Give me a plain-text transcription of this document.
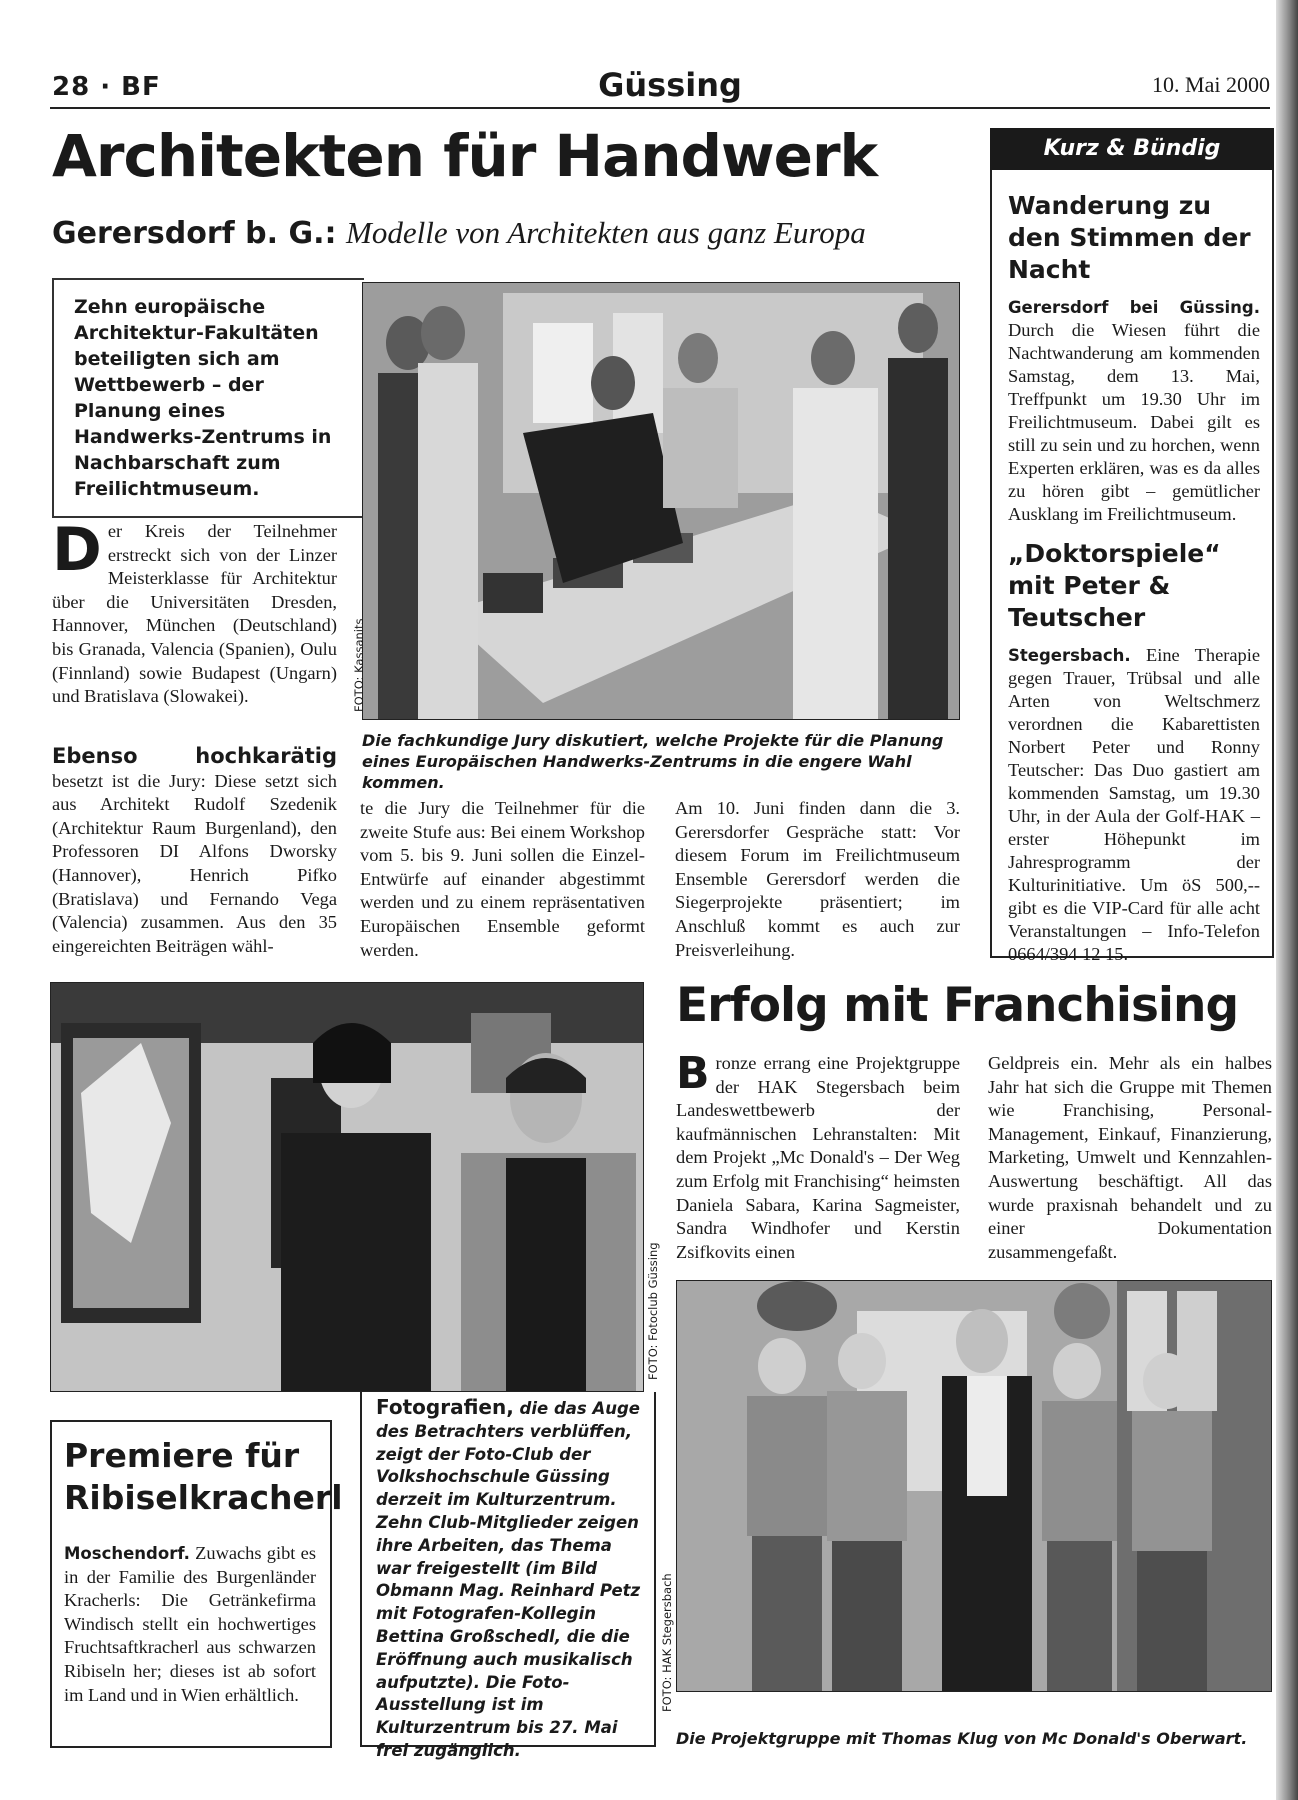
28 · BF	Güssing	10. Mai 2000
Architekten für Handwerk
Gerersdorf b. G.: Modelle von Architekten aus ganz Europa
Zehn europäische Architektur-Fakultäten beteiligten sich am Wettbewerb – der Planung eines Handwerks-Zentrums in Nachbarschaft zum Freilichtmuseum.
Der Kreis der Teilnehmer erstreckt sich von der Linzer Meisterklasse für Architektur über die Universitäten Dresden, Hannover, München (Deutschland) bis Granada, Valencia (Spanien), Oulu (Finnland) sowie Budapest (Ungarn) und Bratislava (Slowakei).
Ebenso hochkarätig besetzt ist die Jury: Diese setzt sich aus Architekt Rudolf Szedenik (Architektur Raum Burgenland), den Professoren DI Alfons Dworsky (Hannover), Henrich Pifko (Bratislava) und Fernando Vega (Valencia) zusammen. Aus den 35 eingereichten Beiträgen wähl-
te die Jury die Teilnehmer für die zweite Stufe aus: Bei einem Workshop vom 5. bis 9. Juni sollen die Einzel-Entwürfe auf einander abgestimmt werden und zu einem repräsentativen Europäischen Ensemble geformt werden.
Am 10. Juni finden dann die 3. Gerersdorfer Gespräche statt: Vor diesem Forum im Freilichtmuseum Ensemble Gerersdorf werden die Siegerprojekte präsentiert; im Anschluß kommt es auch zur Preisverleihung.
FOTO: Kassanits
Die fachkundige Jury diskutiert, welche Projekte für die Planung eines Europäischen Handwerks-Zentrums in die engere Wahl kommen.
Kurz & Bündig
Wanderung zu den Stimmen der Nacht
Gerersdorf bei Güssing. Durch die Wiesen führt die Nachtwanderung am kommenden Samstag, dem 13. Mai, Treffpunkt um 19.30 Uhr im Freilichtmuseum. Dabei gilt es still zu sein und zu horchen, wenn Experten erklären, was es da alles zu hören gibt – gemütlicher Ausklang im Freilichtmuseum.
„Doktorspiele“ mit Peter & Teutscher
Stegersbach. Eine Therapie gegen Trauer, Trübsal und alle Arten von Weltschmerz verordnen die Kabarettisten Norbert Peter und Ronny Teutscher: Das Duo gastiert am kommenden Samstag, um 19.30 Uhr, in der Aula der Golf-HAK – erster Höhepunkt im Jahresprogramm der Kulturinitiative. Um öS 500,-- gibt es die VIP-Card für alle acht Veranstaltungen – Info-Telefon 0664/394 12 15.
FOTO: Fotoclub Güssing
Erfolg mit Franchising
Bronze errang eine Projektgruppe der HAK Stegersbach beim Landeswettbewerb der kaufmännischen Lehranstalten: Mit dem Projekt „Mc Donald's – Der Weg zum Erfolg mit Franchising“ heimsten Daniela Sabara, Karina Sagmeister, Sandra Windhofer und Kerstin Zsifkovits einen
Geldpreis ein. Mehr als ein halbes Jahr hat sich die Gruppe mit Themen wie Franchising, Personal-Management, Einkauf, Finanzierung, Marketing, Umwelt und Kennzahlen-Auswertung beschäftigt. All das wurde praxisnah behandelt und zu einer Dokumentation zusammengefaßt.
FOTO: HAK Stegersbach
Die Projektgruppe mit Thomas Klug von Mc Donald's Oberwart.
Premiere für Ribiselkracherl
Moschendorf. Zuwachs gibt es in der Familie des Burgenländer Kracherls: Die Getränkefirma Windisch stellt ein hochwertiges Fruchtsaftkracherl aus schwarzen Ribiseln her; dieses ist ab sofort im Land und in Wien erhältlich.
Fotografien, die das Auge des Betrachters verblüffen, zeigt der Foto-Club der Volkshochschule Güssing derzeit im Kulturzentrum. Zehn Club-Mitglieder zeigen ihre Arbeiten, das Thema war freigestellt (im Bild Obmann Mag. Reinhard Petz mit Fotografen-Kollegin Bettina Großschedl, die die Eröffnung auch musikalisch aufputzte). Die Foto-Ausstellung ist im Kulturzentrum bis 27. Mai frei zugänglich.
